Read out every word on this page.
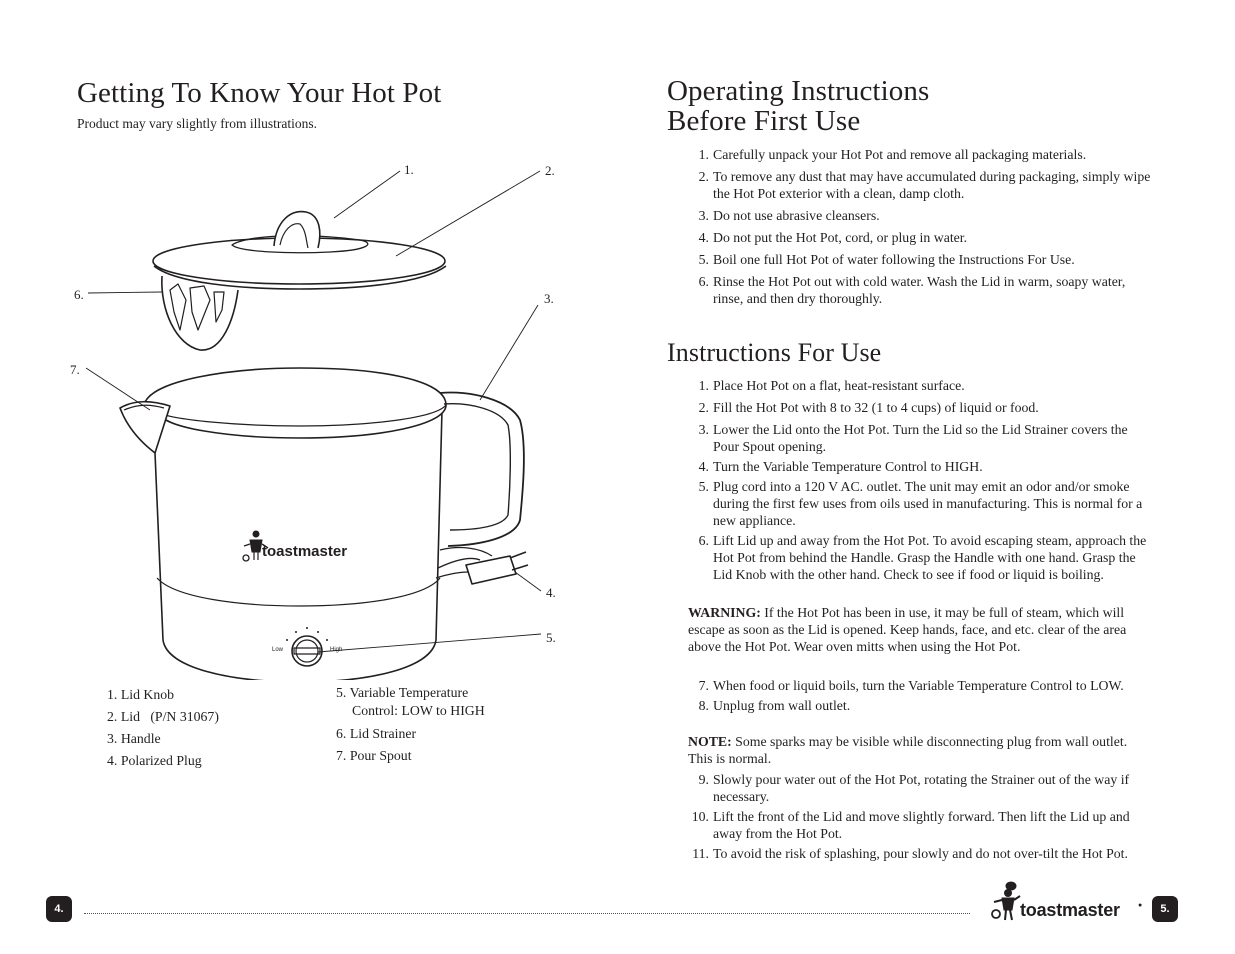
Getting To Know Your Hot Pot
Product may vary slightly from illustrations.
1.	2.
3.
4.
5.
6.
7.
Low	High
toastmaster
1. Lid Knob
2. Lid   (P/N 31067)
3. Handle
4. Polarized Plug
5. Variable Temperature
Control: LOW to HIGH
6. Lid Strainer
7. Pour Spout
4.
Operating Instructions
Before First Use
1. Carefully unpack your Hot Pot and remove all packaging materials.
2. To remove any dust that may have accumulated during packaging, simply wipe the Hot Pot exterior with a clean, damp cloth.
3. Do not use abrasive cleansers.
4. Do not put the Hot Pot, cord, or plug in water.
5. Boil one full Hot Pot of water following the Instructions For Use.
6. Rinse the Hot Pot out with cold water. Wash the Lid in warm, soapy water, rinse, and then dry thoroughly.
Instructions For Use
1. Place Hot Pot on a flat, heat-resistant surface.
2. Fill the Hot Pot with 8 to 32 (1 to 4 cups) of liquid or food.
3. Lower the Lid onto the Hot Pot. Turn the Lid so the Lid Strainer covers the Pour Spout opening.
4. Turn the Variable Temperature Control to HIGH.
5. Plug cord into a 120 V AC. outlet. The unit may emit an odor and/or smoke during the first few uses from oils used in manufacturing. This is normal for a new appliance.
6. Lift Lid up and away from the Hot Pot. To avoid escaping steam, approach the Hot Pot from behind the Handle. Grasp the Handle with one hand. Grasp the Lid Knob with the other hand. Check to see if food or liquid is boiling.
WARNING: If the Hot Pot has been in use, it may be full of steam, which will escape as soon as the Lid is opened. Keep hands, face, and etc. clear of the area above the Hot Pot. Wear oven mitts when using the Hot Pot.
7. When food or liquid boils, turn the Variable Temperature Control to LOW.
8. Unplug from wall outlet.
NOTE: Some sparks may be visible while disconnecting plug from wall outlet. This is normal.
9. Slowly pour water out of the Hot Pot, rotating the Strainer out of the way if necessary.
10. Lift the front of the Lid and move slightly forward. Then lift the Lid up and away from the Hot Pot.
11. To avoid the risk of splashing, pour slowly and do not over-tilt the Hot Pot.
toastmaster	●	5.
